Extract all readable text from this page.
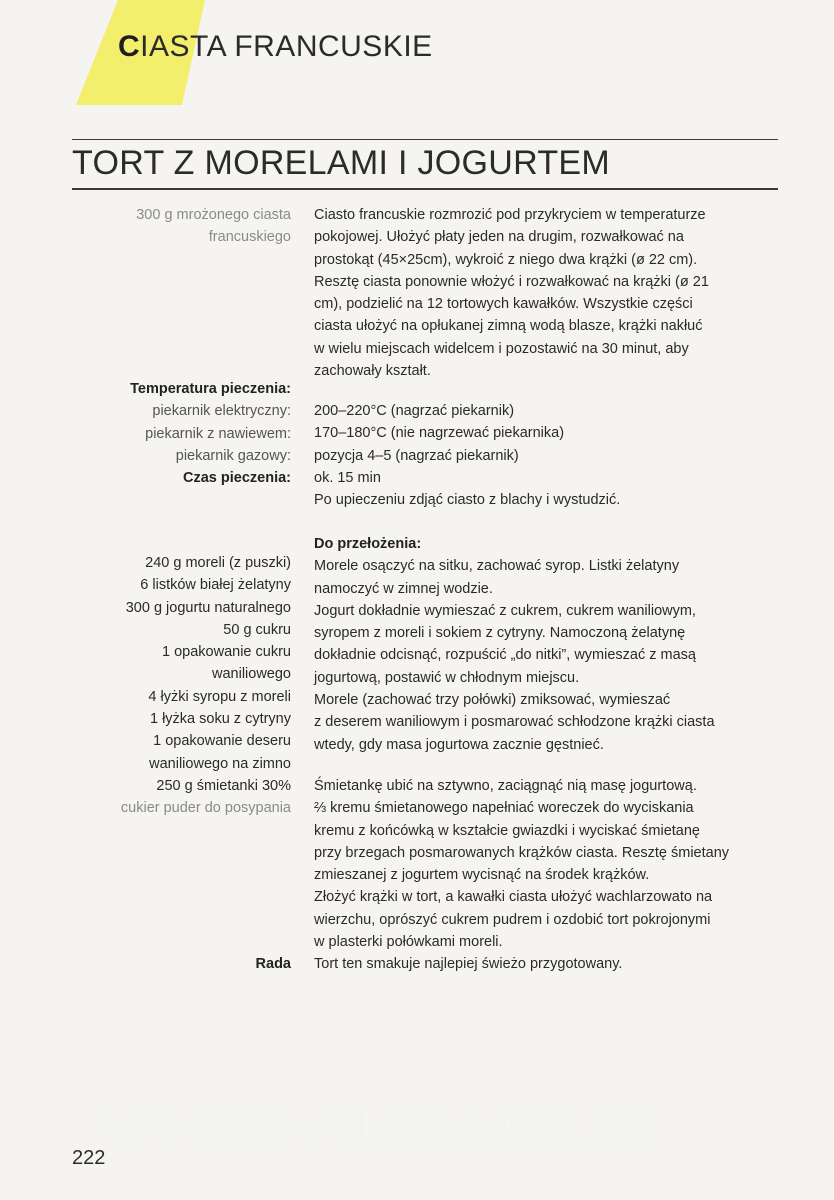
CIASTA FRANCUSKIE
TORT Z MORELAMI I JOGURTEM
300 g mrożonego ciasta
francuskiego
Temperatura pieczenia:
piekarnik elektryczny:
piekarnik z nawiewem:
piekarnik gazowy:
Czas pieczenia:
240 g moreli (z puszki)
6 listków białej żelatyny
300 g jogurtu naturalnego
50 g cukru
1 opakowanie cukru
waniliowego
4 łyżki syropu z moreli
1 łyżka soku z cytryny
1 opakowanie deseru
waniliowego na zimno
250 g śmietanki 30%
cukier puder do posypania
Rada
Ciasto francuskie rozmrozić pod przykryciem w temperaturze
pokojowej. Ułożyć płaty jeden na drugim, rozwałkować na
prostokąt (45×25cm), wykroić z niego dwa krążki (ø 22 cm).
Resztę ciasta ponownie włożyć i rozwałkować na krążki (ø 21
cm), podzielić na 12 tortowych kawałków. Wszystkie części
ciasta ułożyć na opłukanej zimną wodą blasze, krążki nakłuć
w wielu miejscach widelcem i pozostawić na 30 minut, aby
zachowały kształt.
200–220°C (nagrzać piekarnik)
170–180°C (nie nagrzewać piekarnika)
pozycja 4–5 (nagrzać piekarnik)
ok. 15 min
Po upieczeniu zdjąć ciasto z blachy i wystudzić.
Do przełożenia:
Morele osączyć na sitku, zachować syrop. Listki żelatyny
namoczyć w zimnej wodzie.
Jogurt dokładnie wymieszać z cukrem, cukrem waniliowym,
syropem z moreli i sokiem z cytryny. Namoczoną żelatynę
dokładnie odcisnąć, rozpuścić „do nitki”, wymieszać z masą
jogurtową, postawić w chłodnym miejscu.
Morele (zachować trzy połówki) zmiksować, wymieszać
z deserem waniliowym i posmarować schłodzone krążki ciasta
wtedy, gdy masa jogurtowa zacznie gęstnieć.
Śmietankę ubić na sztywno, zaciągnąć nią masę jogurtową.
⅔ kremu śmietanowego napełniać woreczek do wyciskania
kremu z końcówką w kształcie gwiazdki i wyciskać śmietanę
przy brzegach posmarowanych krążków ciasta. Resztę śmietany
zmieszanej z jogurtem wycisnąć na środek krążków.
Złożyć krążki w tort, a kawałki ciasta ułożyć wachlarzowato na
wierzchu, oprószyć cukrem pudrem i ozdobić tort pokrojonymi
w plasterki połówkami moreli.
Tort ten smakuje najlepiej świeżo przygotowany.
wedlinydomowe.pl
222
